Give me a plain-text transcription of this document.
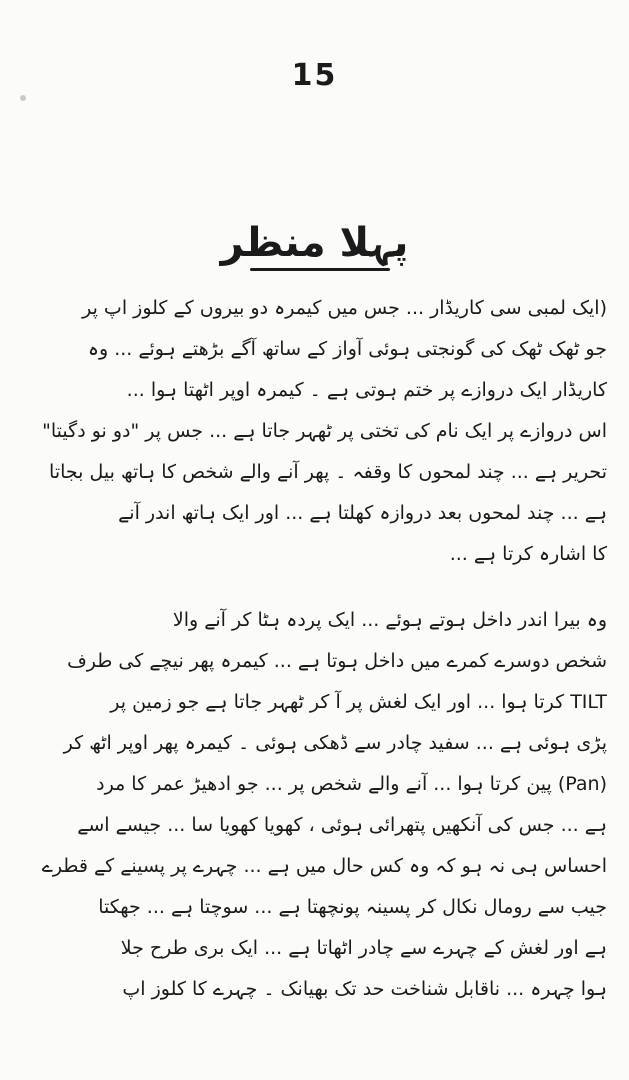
15
پہلا منظر
(ایک لمبی سی کاریڈار ... جس میں کیمرہ دو بیروں کے کلوز اپ پر
جو ٹھک ٹھک کی گونجتی ہوئی آواز کے ساتھ آگے بڑھتے ہوئے ... وہ
کاریڈار ایک دروازے پر ختم ہوتی ہے ۔ کیمرہ اوپر اٹھتا ہوا ...
اس دروازے پر ایک نام کی تختی پر ٹھہر جاتا ہے ... جس پر "دو نو دگیتا"
تحریر ہے ... چند لمحوں کا وقفہ ۔ پھر آنے والے شخص کا ہاتھ بیل بجاتا
ہے ... چند لمحوں بعد دروازہ کھلتا ہے ... اور ایک ہاتھ اندر آنے
کا اشارہ کرتا ہے ...
وہ بیرا اندر داخل ہوتے ہوئے ... ایک پردہ ہٹا کر آنے والا
شخص دوسرے کمرے میں داخل ہوتا ہے ... کیمرہ پھر نیچے کی طرف
TILT کرتا ہوا ... اور ایک لغش پر آ کر ٹھہر جاتا ہے جو زمین پر
پڑی ہوئی ہے ... سفید چادر سے ڈھکی ہوئی ۔ کیمرہ پھر اوپر اٹھ کر
(Pan) پین کرتا ہوا ... آنے والے شخص پر ... جو ادھیڑ عمر کا مرد
ہے ... جس کی آنکھیں پتھرائی ہوئی ، کھویا کھویا سا ... جیسے اسے
احساس ہی نہ ہو کہ وہ کس حال میں ہے ... چہرے پر پسینے کے قطرے
جیب سے رومال نکال کر پسینہ پونچھتا ہے ... سوچتا ہے ... جھکتا
ہے اور لغش کے چہرے سے چادر اٹھاتا ہے ... ایک بری طرح جلا
ہوا چہرہ ... ناقابل شناخت حد تک بھیانک ۔ چہرے کا کلوز اپ
